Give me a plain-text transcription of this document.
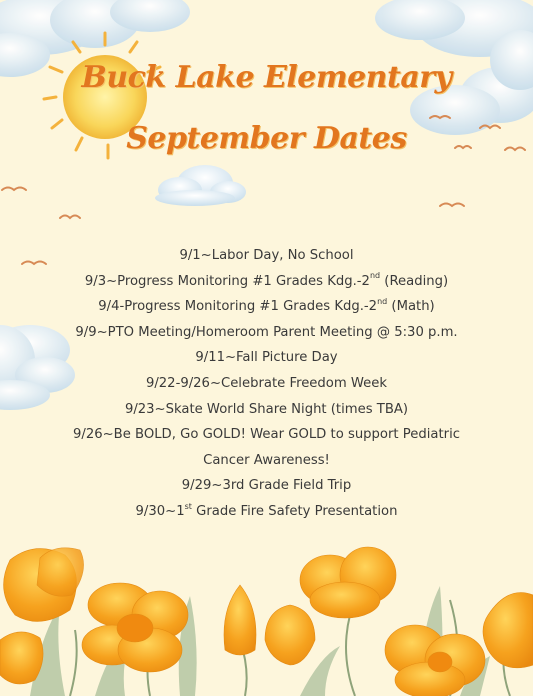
Buck Lake Elementary
September Dates
9/1~Labor Day, No School
9/3~Progress Monitoring #1 Grades Kdg.-2nd (Reading)
9/4-Progress Monitoring #1 Grades Kdg.-2nd (Math)
9/9~PTO Meeting/Homeroom Parent Meeting @ 5:30 p.m.
9/11~Fall Picture Day
9/22-9/26~Celebrate Freedom Week
9/23~Skate World Share Night (times TBA)
9/26~Be BOLD, Go GOLD! Wear GOLD to support Pediatric
Cancer Awareness!
9/29~3rd Grade Field Trip
9/30~1st Grade Fire Safety Presentation
